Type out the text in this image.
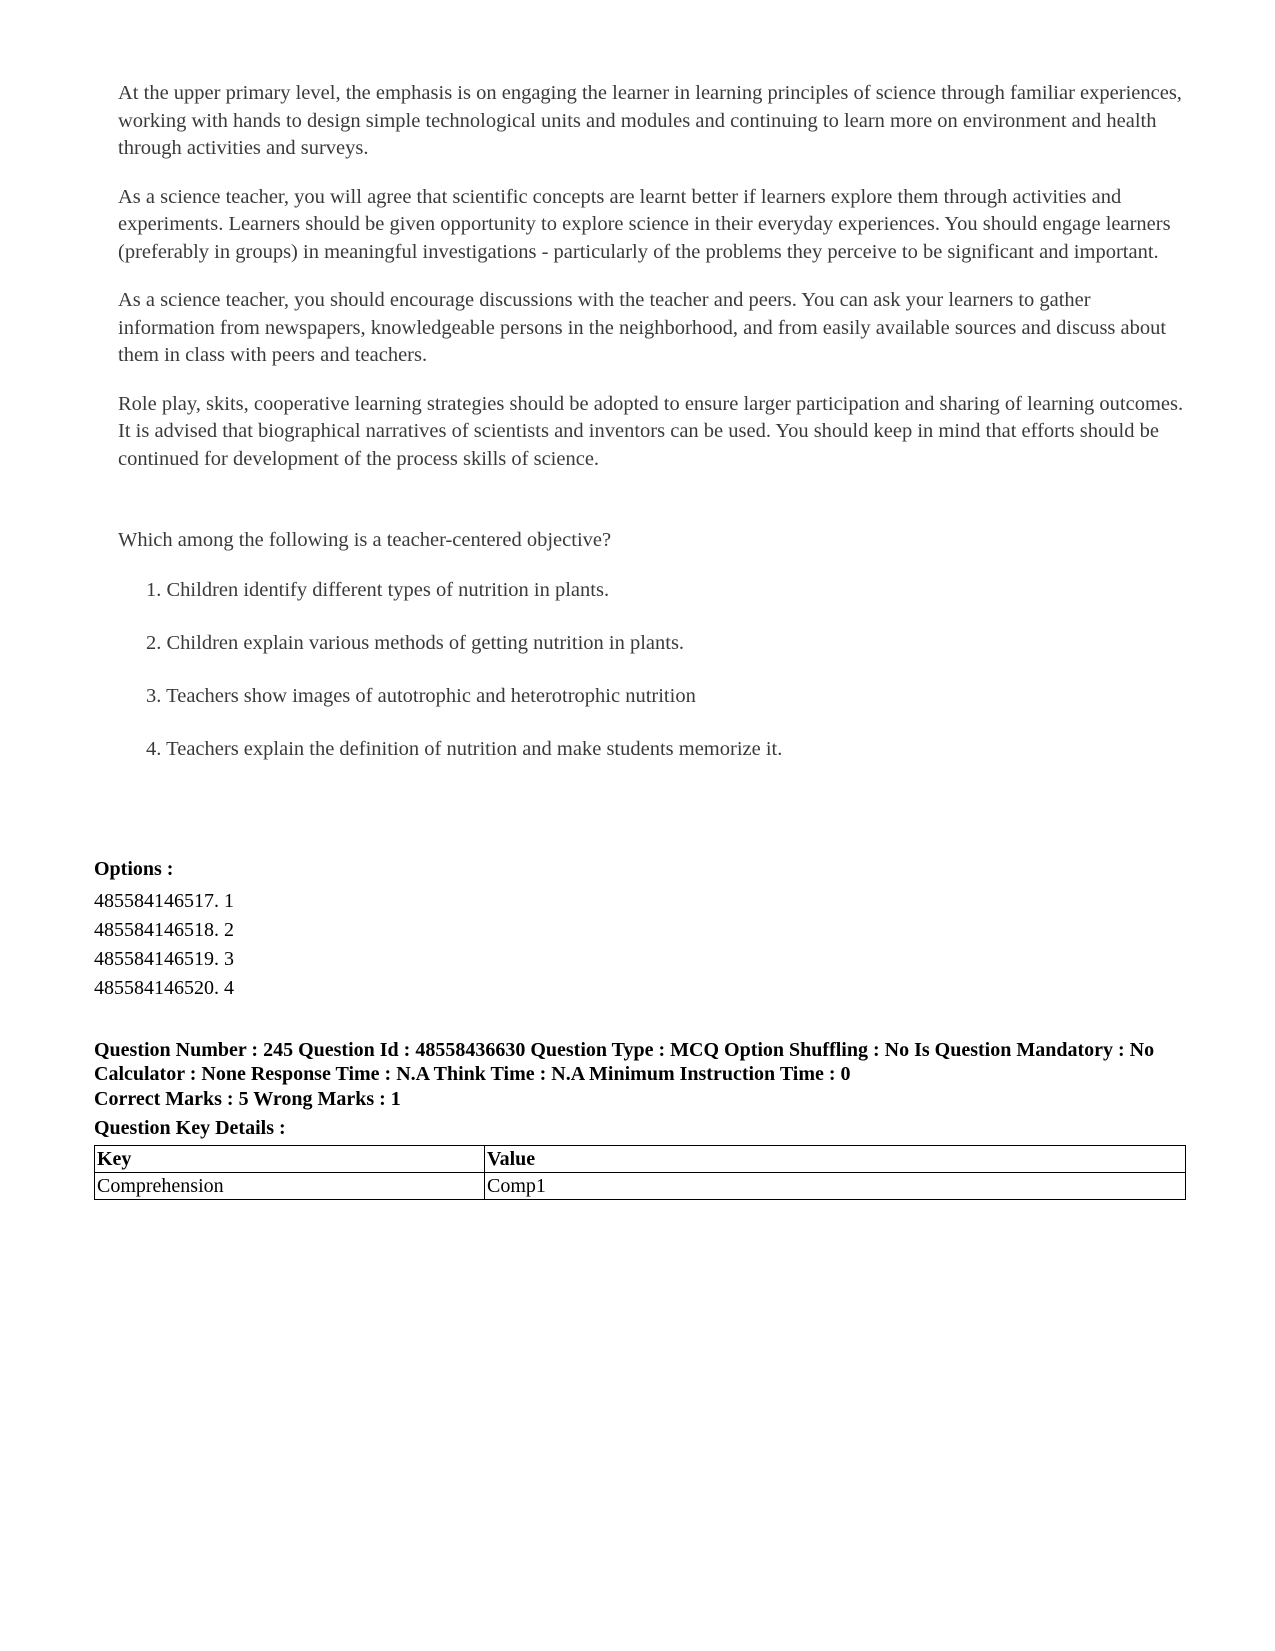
At the upper primary level, the emphasis is on engaging the learner in learning principles of science through familiar experiences, working with hands to design simple technological units and modules and continuing to learn more on environment and health through activities and surveys.

As a science teacher, you will agree that scientific concepts are learnt better if learners explore them through activities and experiments. Learners should be given opportunity to explore science in their everyday experiences. You should engage learners (preferably in groups) in meaningful investigations - particularly of the problems they perceive to be significant and important.

As a science teacher, you should encourage discussions with the teacher and peers. You can ask your learners to gather information from newspapers, knowledgeable persons in the neighborhood, and from easily available sources and discuss about them in class with peers and teachers.

Role play, skits, cooperative learning strategies should be adopted to ensure larger participation and sharing of learning outcomes. It is advised that biographical narratives of scientists and inventors can be used. You should keep in mind that efforts should be continued for development of the process skills of science.

Which among the following is a teacher-centered objective?

1. Children identify different types of nutrition in plants.
2. Children explain various methods of getting nutrition in plants.
3. Teachers show images of autotrophic and heterotrophic nutrition
4. Teachers explain the definition of nutrition and make students memorize it.
Options :
485584146517. 1
485584146518. 2
485584146519. 3
485584146520. 4
Question Number : 245 Question Id : 48558436630 Question Type : MCQ Option Shuffling : No Is Question Mandatory : No Calculator : None Response Time : N.A Think Time : N.A Minimum Instruction Time : 0
Correct Marks : 5 Wrong Marks : 1
Question Key Details :
Key	Value
Comprehension	Comp1
